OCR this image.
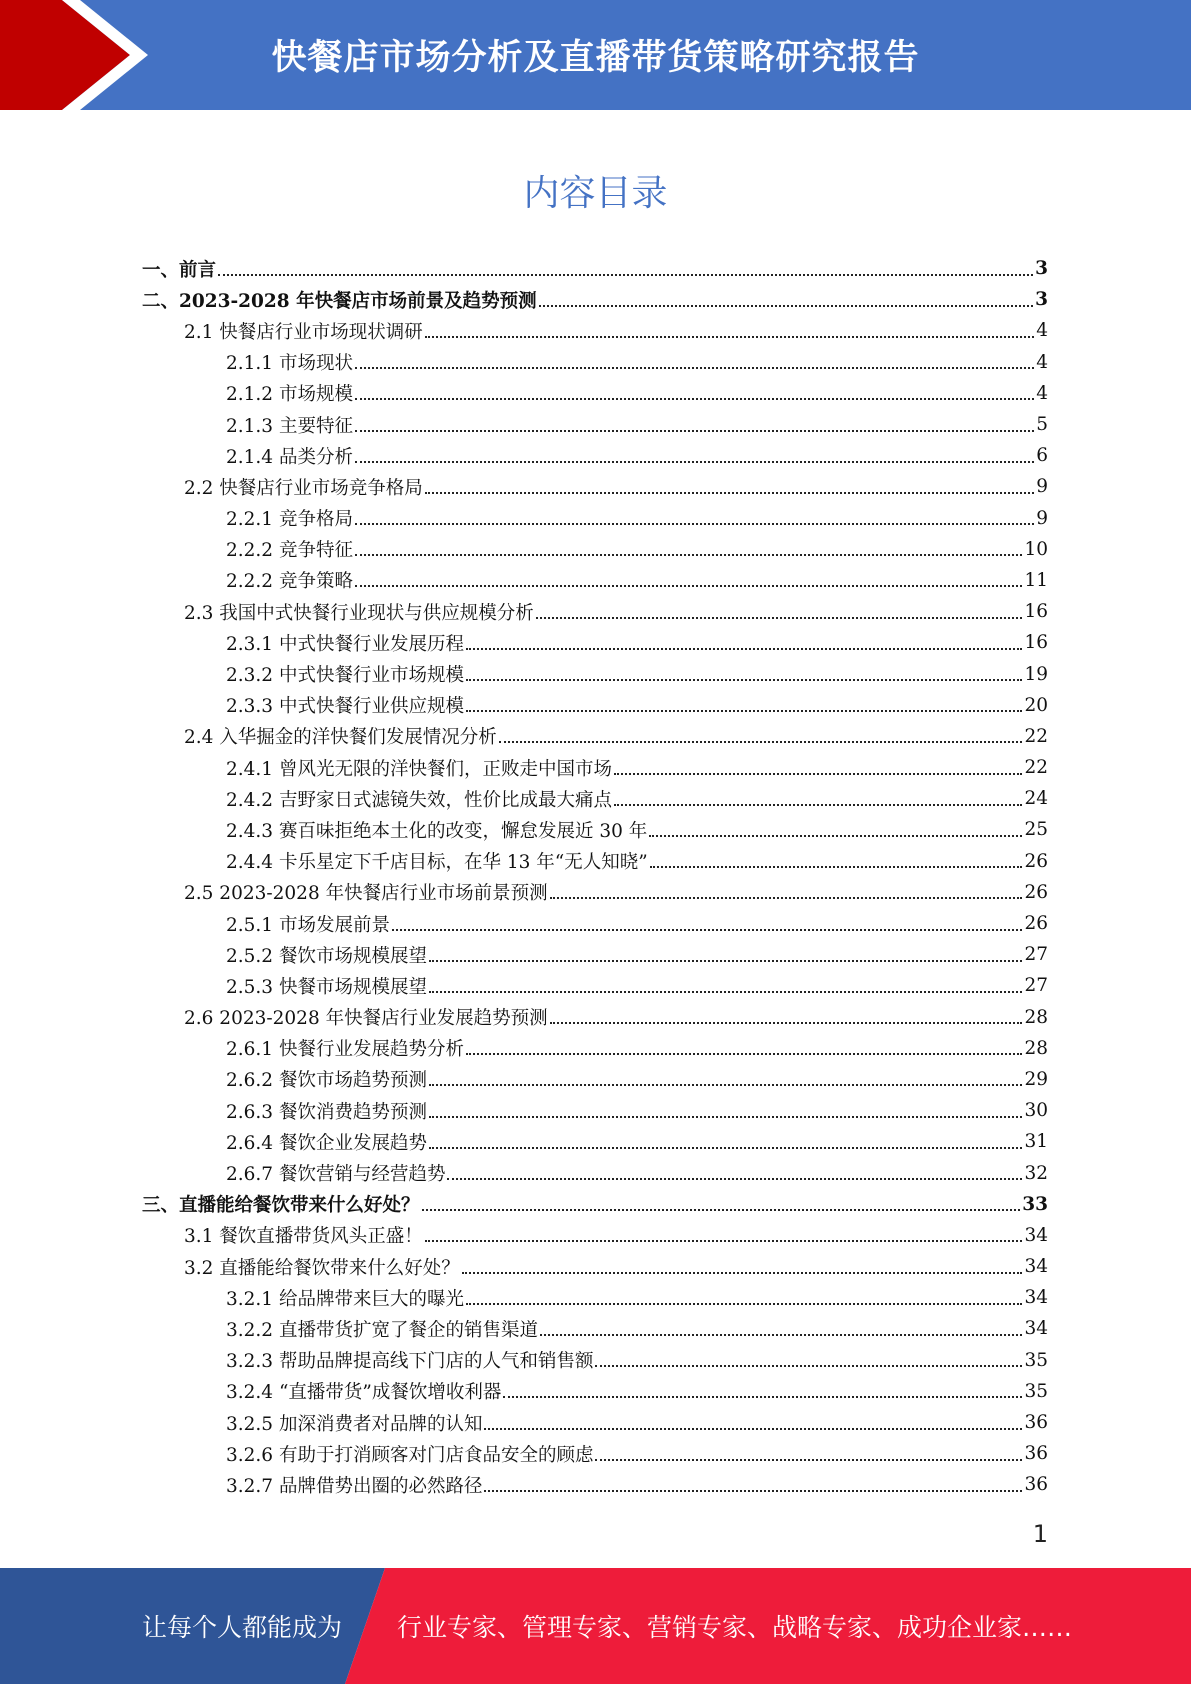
快餐店市场分析及直播带货策略研究报告
内容目录
一、前言	3
二、2023-2028 年快餐店市场前景及趋势预测	3
2.1 快餐店行业市场现状调研	4
2.1.1 市场现状	4
2.1.2 市场规模	4
2.1.3 主要特征	5
2.1.4 品类分析	6
2.2 快餐店行业市场竞争格局	9
2.2.1 竞争格局	9
2.2.2 竞争特征	10
2.2.2 竞争策略	11
2.3 我国中式快餐行业现状与供应规模分析	16
2.3.1 中式快餐行业发展历程	16
2.3.2 中式快餐行业市场规模	19
2.3.3 中式快餐行业供应规模	20
2.4 入华掘金的洋快餐们发展情况分析	22
2.4.1 曾风光无限的洋快餐们，正败走中国市场	22
2.4.2 吉野家日式滤镜失效，性价比成最大痛点	24
2.4.3 赛百味拒绝本土化的改变，懈怠发展近 30 年	25
2.4.4 卡乐星定下千店目标，在华 13 年“无人知晓”	26
2.5 2023-2028 年快餐店行业市场前景预测	26
2.5.1 市场发展前景	26
2.5.2 餐饮市场规模展望	27
2.5.3 快餐市场规模展望	27
2.6 2023-2028 年快餐店行业发展趋势预测	28
2.6.1 快餐行业发展趋势分析	28
2.6.2 餐饮市场趋势预测	29
2.6.3 餐饮消费趋势预测	30
2.6.4 餐饮企业发展趋势	31
2.6.7 餐饮营销与经营趋势	32
三、直播能给餐饮带来什么好处？	33
3.1 餐饮直播带货风头正盛！	34
3.2 直播能给餐饮带来什么好处？	34
3.2.1 给品牌带来巨大的曝光	34
3.2.2 直播带货扩宽了餐企的销售渠道	34
3.2.3 帮助品牌提高线下门店的人气和销售额	35
3.2.4 “直播带货”成餐饮增收利器	35
3.2.5 加深消费者对品牌的认知	36
3.2.6 有助于打消顾客对门店食品安全的顾虑	36
3.2.7 品牌借势出圈的必然路径	36
1
让每个人都能成为 行业专家、管理专家、营销专家、战略专家、成功企业家……
